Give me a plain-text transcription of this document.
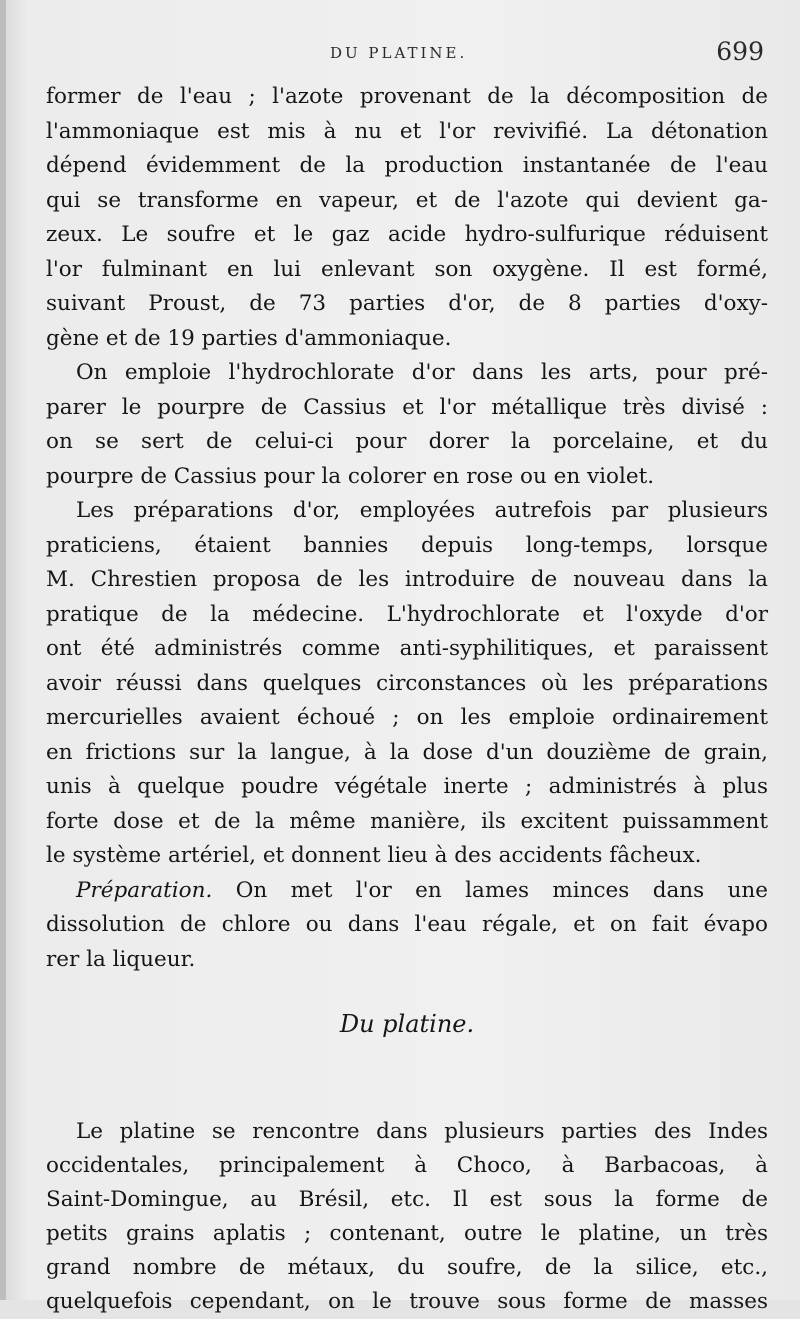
DU PLATINE.	699
former de l'eau ; l'azote provenant de la décomposition de
l'ammoniaque est mis à nu et l'or revivifié. La détonation
dépend évidemment de la production instantanée de l'eau
qui se transforme en vapeur, et de l'azote qui devient ga-
zeux. Le soufre et le gaz acide hydro-sulfurique réduisent
l'or fulminant en lui enlevant son oxygène. Il est formé,
suivant Proust, de 73 parties d'or, de 8 parties d'oxy-
gène et de 19 parties d'ammoniaque.
On emploie l'hydrochlorate d'or dans les arts, pour pré-
parer le pourpre de Cassius et l'or métallique très divisé :
on se sert de celui-ci pour dorer la porcelaine, et du
pourpre de Cassius pour la colorer en rose ou en violet.
Les préparations d'or, employées autrefois par plusieurs
praticiens, étaient bannies depuis long-temps, lorsque
M. Chrestien proposa de les introduire de nouveau dans la
pratique de la médecine. L'hydrochlorate et l'oxyde d'or
ont été administrés comme anti-syphilitiques, et paraissent
avoir réussi dans quelques circonstances où les préparations
mercurielles avaient échoué ; on les emploie ordinairement
en frictions sur la langue, à la dose d'un douzième de grain,
unis à quelque poudre végétale inerte ; administrés à plus
forte dose et de la même manière, ils excitent puissamment
le système artériel, et donnent lieu à des accidents fâcheux.
Préparation. On met l'or en lames minces dans une
dissolution de chlore ou dans l'eau régale, et on fait évapo
rer la liqueur.
Du platine.
Le platine se rencontre dans plusieurs parties des Indes
occidentales, principalement à Choco, à Barbacoas, à
Saint-Domingue, au Brésil, etc. Il est sous la forme de
petits grains aplatis ; contenant, outre le platine, un très
grand nombre de métaux, du soufre, de la silice, etc.,
quelquefois cependant, on le trouve sous forme de masses
